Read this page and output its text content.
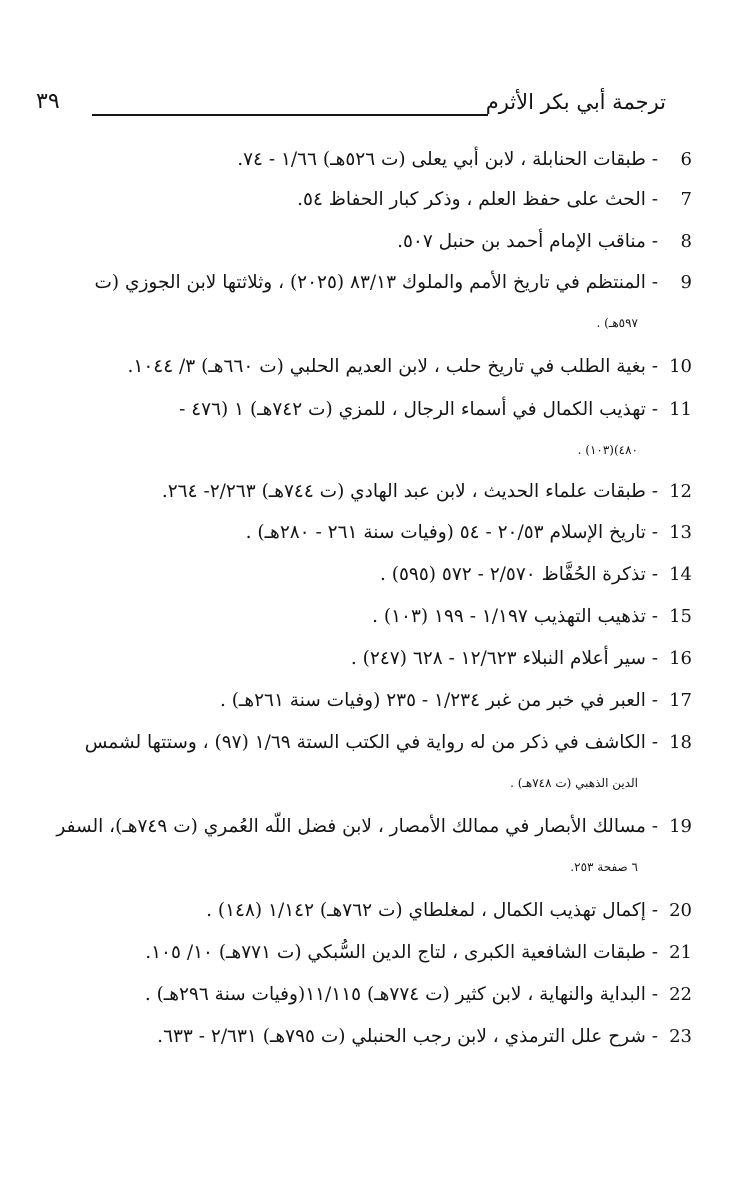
ترجمة أبي بكر الأثرم
٣٩
6
- طبقات الحنابلة ، لابن أبي يعلى (ت ٥٢٦هـ) ١/٦٦ - ٧٤.
7
- الحث على حفظ العلم ، وذكر كبار الحفاظ ٥٤.
8
- مناقب الإمام أحمد بن حنبل ٥٠٧.
9
- المنتظم في تاريخ الأمم والملوك ٨٣/١٣ (٢٠٢٥) ، وثلاثتها لابن الجوزي (ت
٥٩٧هـ) .
10
- بغية الطلب في تاريخ حلب ، لابن العديم الحلبي (ت ٦٦٠هـ) ٣/ ١٠٤٤.
11
- تهذيب الكمال في أسماء الرجال ، للمزي (ت ٧٤٢هـ) ١ (٤٧٦ -
٤٨٠)(١٠٣) .
12
- طبقات علماء الحديث ، لابن عبد الهادي (ت ٧٤٤هـ) ٢/٢٦٣- ٢٦٤.
13
- تاريخ الإسلام ٢٠/٥٣ - ٥٤ (وفيات سنة ٢٦١ - ٢٨٠هـ) .
14
- تذكرة الحُفَّاظ ٢/٥٧٠ - ٥٧٢ (٥٩٥) .
15
- تذهيب التهذيب ١/١٩٧ - ١٩٩ (١٠٣) .
16
- سير أعلام النبلاء ١٢/٦٢٣ - ٦٢٨ (٢٤٧) .
17
- العبر في خبر من غبر ١/٢٣٤ - ٢٣٥ (وفيات سنة ٢٦١هـ) .
18
- الكاشف في ذكر من له رواية في الكتب الستة ١/٦٩ (٩٧) ، وستتها لشمس
الدين الذهبي (ت ٧٤٨هـ) .
19
- مسالك الأبصار في ممالك الأمصار ، لابن فضل اللّه العُمري (ت ٧٤٩هـ)، السفر
٦ صفحة ٢٥٣.
20
- إكمال تهذيب الكمال ، لمغلطاي (ت ٧٦٢هـ) ١/١٤٢ (١٤٨) .
21
- طبقات الشافعية الكبرى ، لتاج الدين السُّبكي (ت ٧٧١هـ) ١٠/ ١٠٥.
22
- البداية والنهاية ، لابن كثير (ت ٧٧٤هـ) ١١/١١٥(وفيات سنة ٢٩٦هـ) .
23
- شرح علل الترمذي ، لابن رجب الحنبلي (ت ٧٩٥هـ) ٢/٦٣١ - ٦٣٣.
